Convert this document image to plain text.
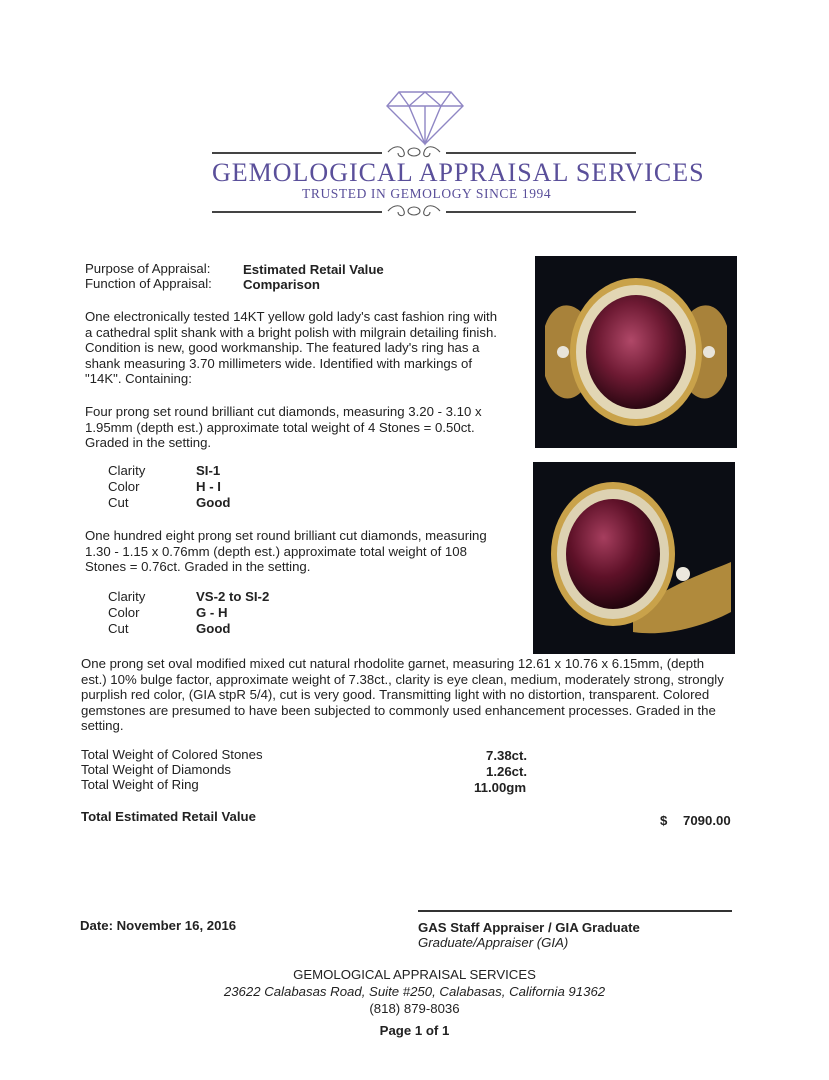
GEMOLOGICAL APPRAISAL SERVICES
TRUSTED IN GEMOLOGY SINCE 1994
Purpose of Appraisal: Estimated Retail Value
Function of Appraisal: Comparison
One electronically tested 14KT yellow gold lady's cast fashion ring with a cathedral split shank with a bright polish with milgrain detailing finish. Condition is new, good workmanship. The featured lady's ring has a shank measuring 3.70 millimeters wide. Identified with markings of "14K". Containing:
Four prong set round brilliant cut diamonds, measuring 3.20 - 3.10 x 1.95mm (depth est.) approximate total weight of 4 Stones = 0.50ct. Graded in the setting.
Clarity	SI-1
Color	H - I
Cut	Good
One hundred eight prong set round brilliant cut diamonds, measuring 1.30 - 1.15 x 0.76mm (depth est.) approximate total weight of 108 Stones = 0.76ct. Graded in the setting.
Clarity	VS-2 to SI-2
Color	G - H
Cut	Good
One prong set oval modified mixed cut natural rhodolite garnet, measuring 12.61 x 10.76 x 6.15mm, (depth est.) 10% bulge factor, approximate weight of 7.38ct., clarity is eye clean, medium, moderately strong, strongly purplish red color, (GIA stpR 5/4), cut is very good. Transmitting light with no distortion, transparent. Colored gemstones are presumed to have been subjected to commonly used enhancement processes. Graded in the setting.
Total Weight of Colored Stones	7.38ct.
Total Weight of Diamonds	1.26ct.
Total Weight of Ring	11.00gm
Total Estimated Retail Value	$ 7090.00
Date: November 16, 2016	GAS Staff Appraiser / GIA Graduate
Graduate/Appraiser (GIA)
GEMOLOGICAL APPRAISAL SERVICES
23622 Calabasas Road, Suite #250, Calabasas, California 91362
(818) 879-8036
Page 1 of 1
